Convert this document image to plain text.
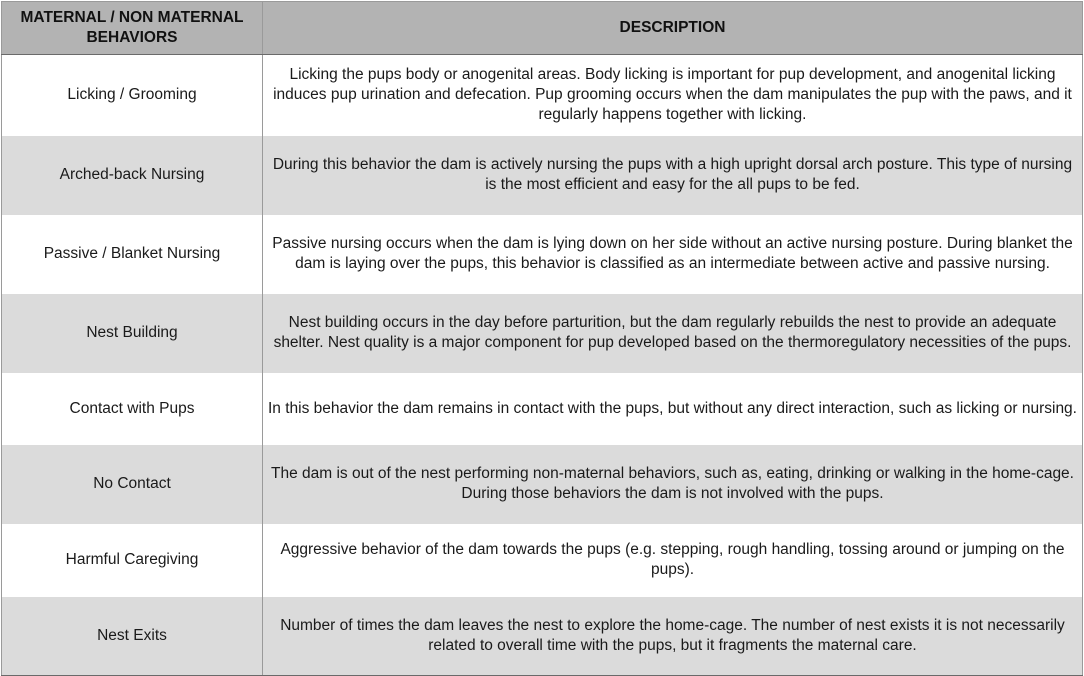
MATERNAL / NON MATERNAL BEHAVIORS	DESCRIPTION
Licking / Grooming	Licking the pups body or anogenital areas. Body licking is important for pup development, and anogenital licking induces pup urination and defecation. Pup grooming occurs when the dam manipulates the pup with the paws, and it regularly happens together with licking.
Arched-back Nursing	During this behavior the dam is actively nursing the pups with a high upright dorsal arch posture. This type of nursing is the most efficient and easy for the all pups to be fed.
Passive / Blanket Nursing	Passive nursing occurs when the dam is lying down on her side without an active nursing posture. During blanket the dam is laying over the pups, this behavior is classified as an intermediate between active and passive nursing.
Nest Building	Nest building occurs in the day before parturition, but the dam regularly rebuilds the nest to provide an adequate shelter. Nest quality is a major component for pup developed based on the thermoregulatory necessities of the pups.
Contact with Pups	In this behavior the dam remains in contact with the pups, but without any direct interaction, such as licking or nursing.
No Contact	The dam is out of the nest performing non-maternal behaviors, such as, eating, drinking or walking in the home-cage. During those behaviors the dam is not involved with the pups.
Harmful Caregiving	Aggressive behavior of the dam towards the pups (e.g. stepping, rough handling, tossing around or jumping on the pups).
Nest Exits	Number of times the dam leaves the nest to explore the home-cage. The number of nest exists it is not necessarily related to overall time with the pups, but it fragments the maternal care.
